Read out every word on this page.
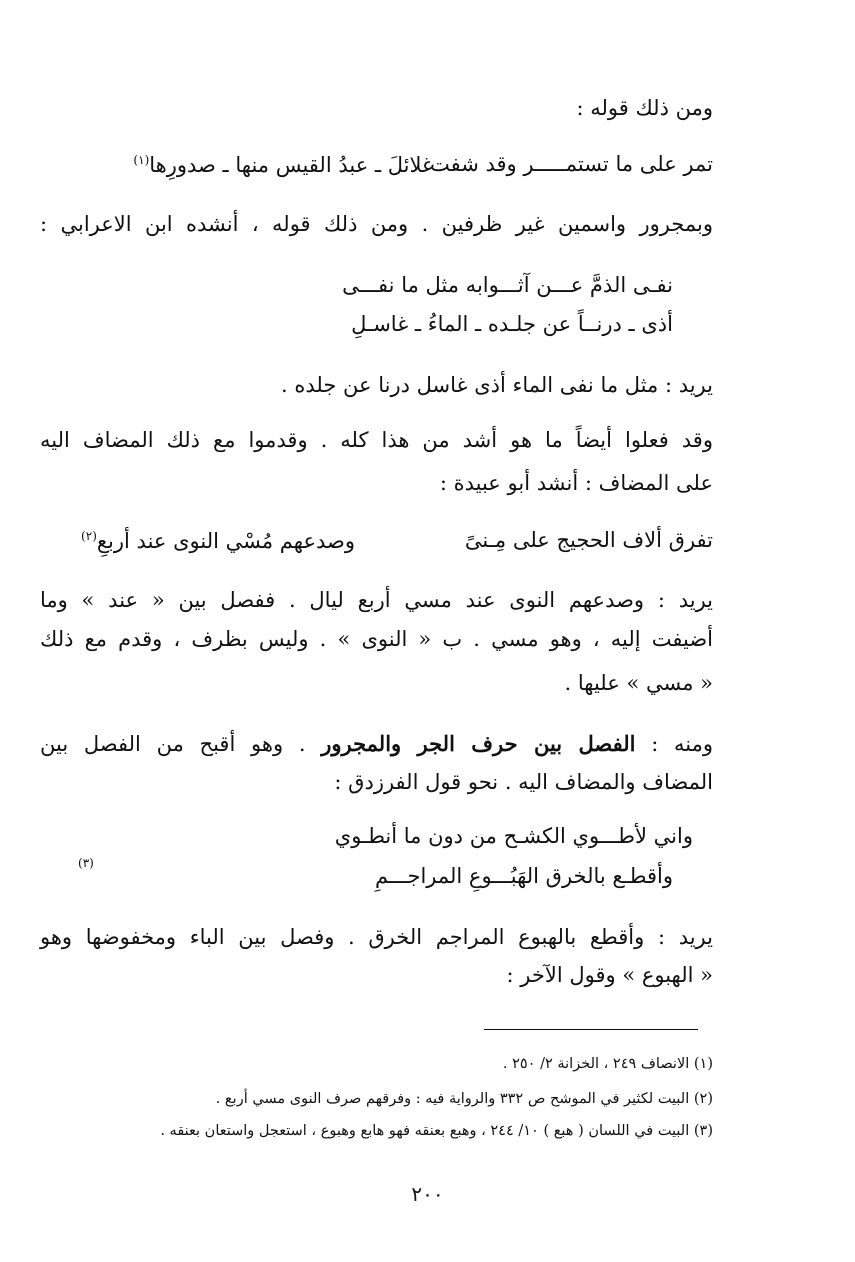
ومن ذلك قوله :
تمر على ما تستمـــــر وقد شفت
غلائلَ ـ عبدُ القيس منها ـ صدورِها$^{(١)}$
وبمجرور واسمين غير ظرفين . ومن ذلك قوله ، أنشده ابن الاعرابي :
نفـى الذمَّ عـــن آثـــوابه مثل ما نفـــى
أذى ـ درنــاً عن جلـده ـ الماءُ ـ غاسـلِ
يريد : مثل ما نفى الماء أذى غاسل درنا عن جلده .
وقد فعلوا أيضاً ما هو أشد من هذا كله . وقدموا مع ذلك المضاف اليه
على المضاف : أنشد أبو عبيدة :
تفرق ألاف الحجيج على مِـنىً
وصدعهم مُسْي النوى عند أربعِ$^{(٢)}$
يريد : وصدعهم النوى عند مسي أربع ليال . ففصل بين « عند » وما
أضيفت إليه ، وهو مسي . ب « النوى » . وليس بظرف ، وقدم مع ذلك
« مسي » عليها .
ومنه : الفصل بين حرف الجر والمجرور . وهو أقبح من الفصل بين
المضاف والمضاف اليه . نحو قول الفرزدق :
واني لأطـــوي الكشـح من دون ما أنطـوي
وأقطـع بالخرق الهَبُـــوعِ المراجـــمِ
(٣)
يريد : وأقطع بالهبوع المراجم الخرق . وفصل بين الباء ومخفوضها وهو
« الهبوع » وقول الآخر :
(١) الانصاف ٢٤٩ ، الخزانة ٢/ ٢٥٠ .
(٢) البيت لكثير في الموشح ص ٣٣٢ والرواية فيه : وفرقهم صرف النوى مسي أربع .
(٣) البيت في اللسان ( هبع ) ١٠/ ٢٤٤ ، وهبع بعنقه فهو هابع وهبوع ، استعجل واستعان بعنقه .
٢٠٠
